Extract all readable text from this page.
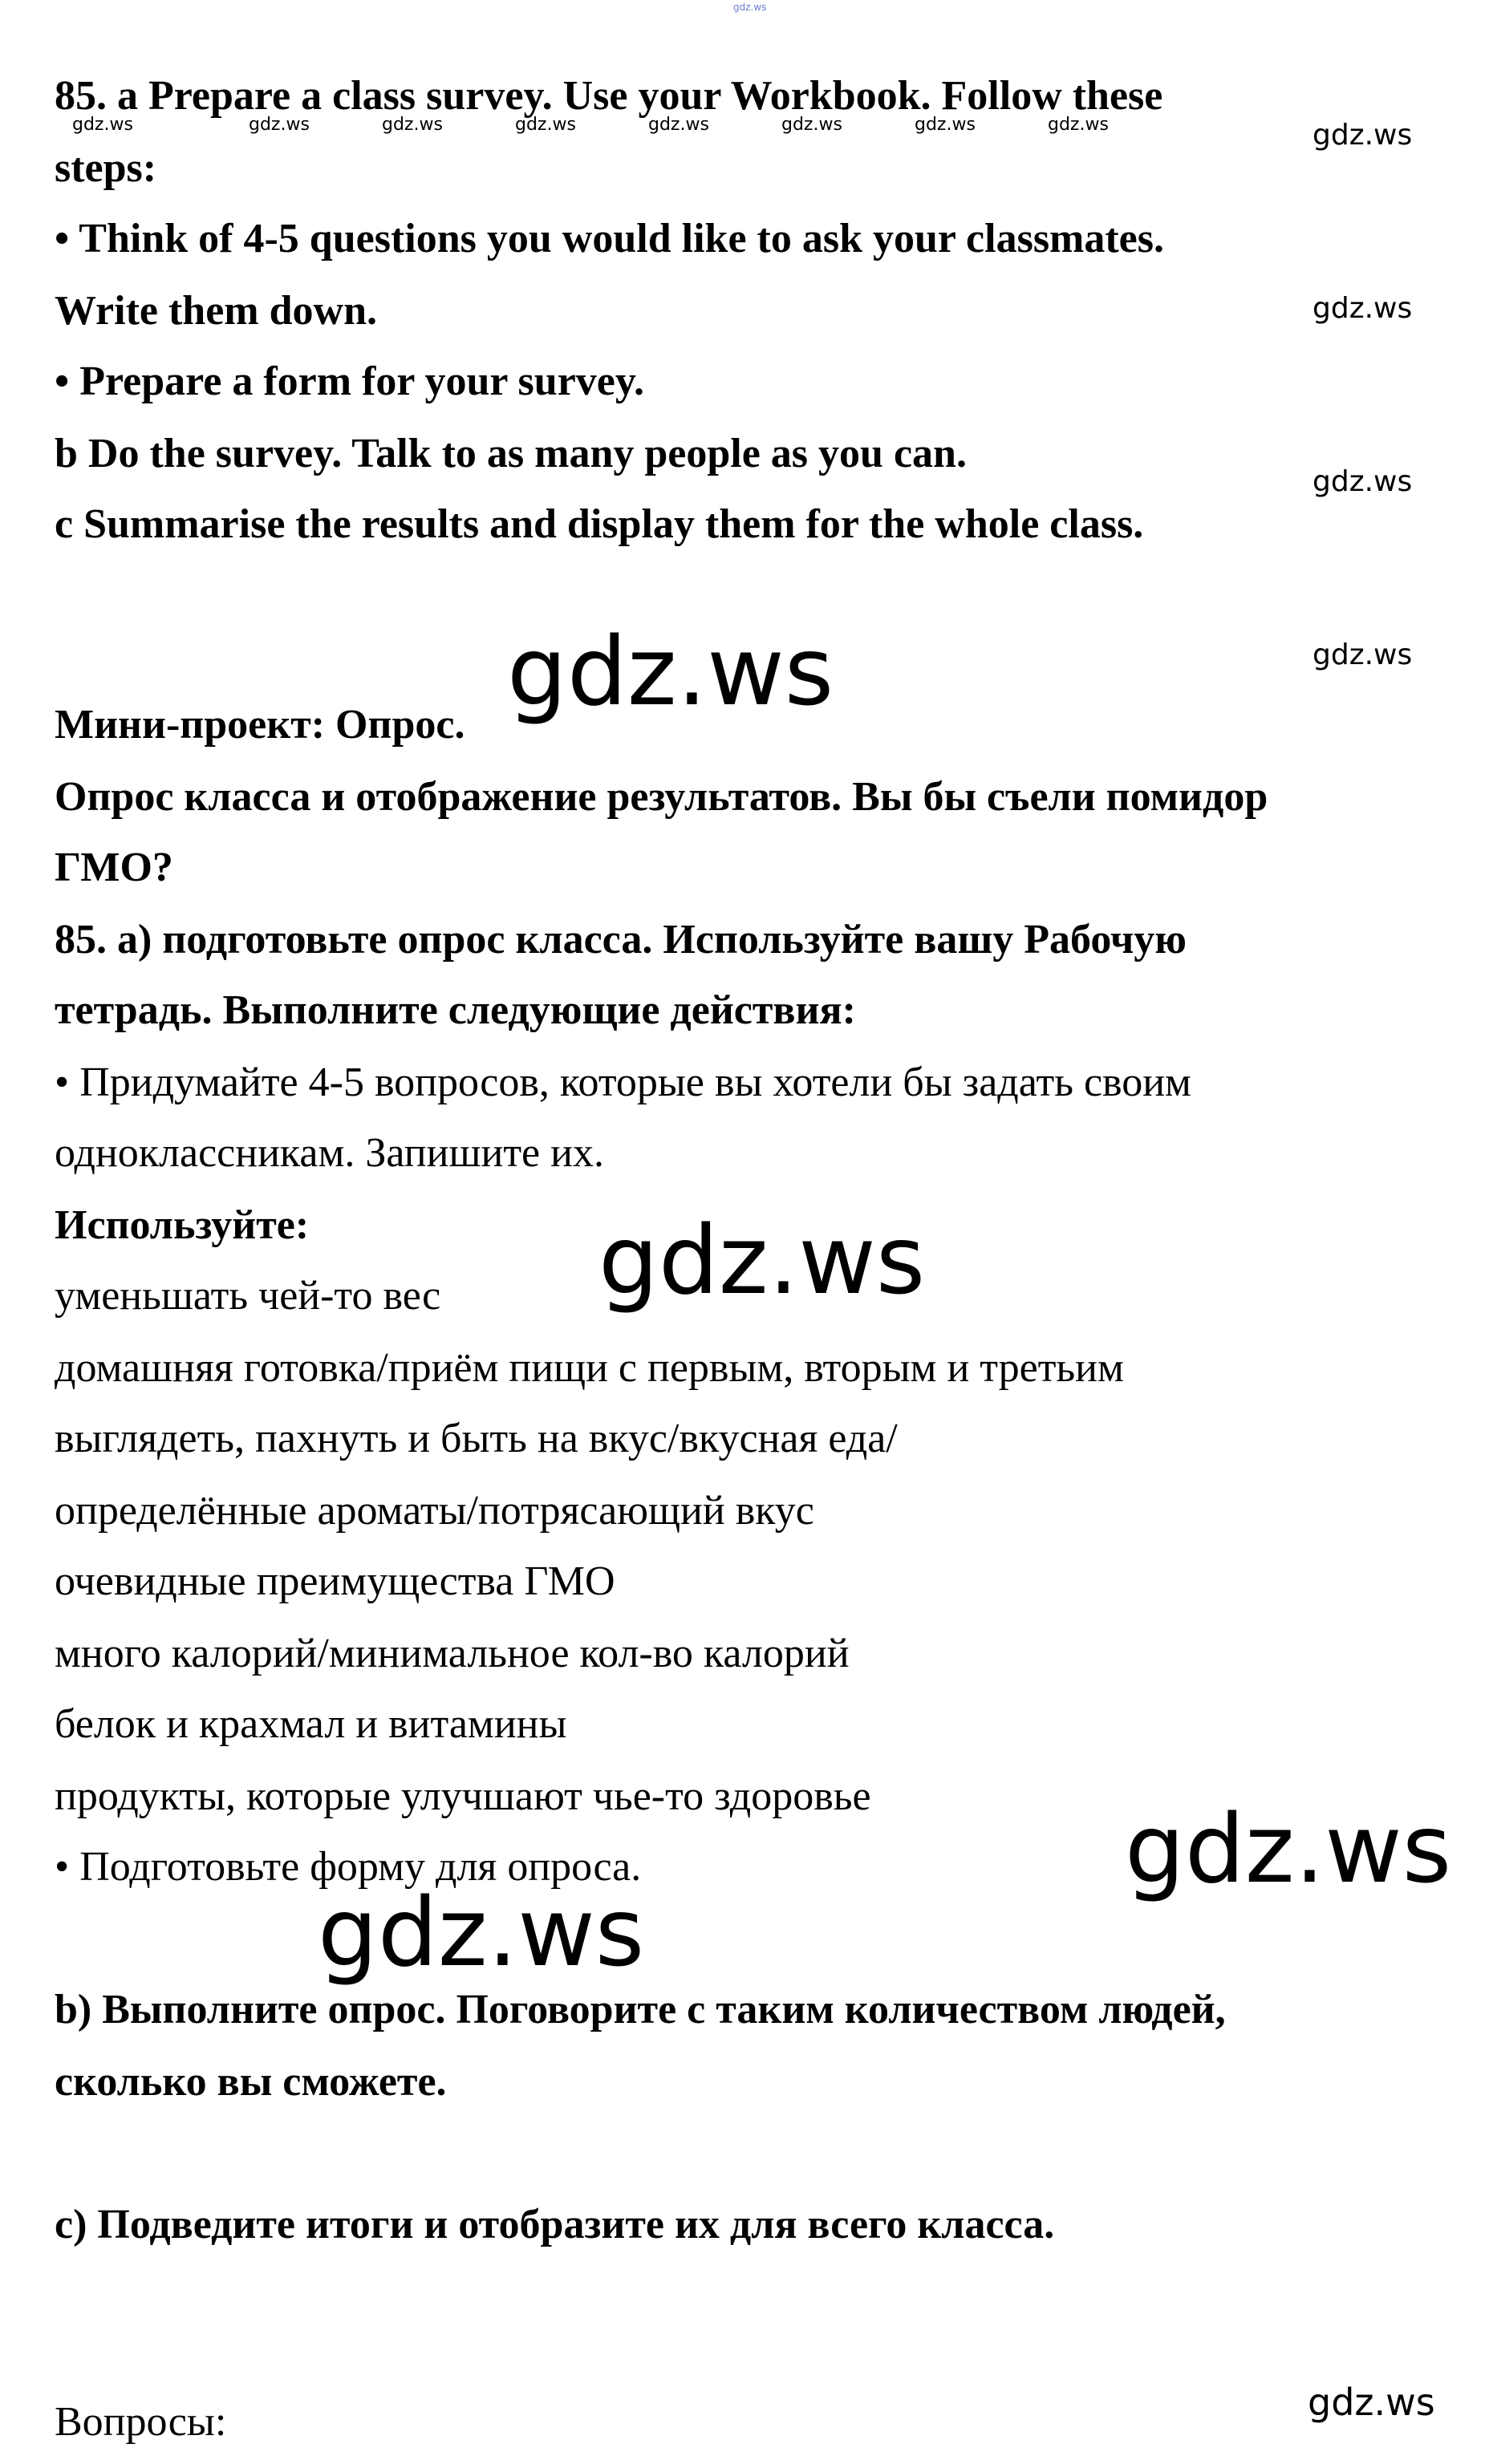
gdz.ws
85. a Prepare a class survey. Use your Workbook. Follow these
steps:
• Think of 4-5 questions you would like to ask your classmates.
Write them down.
• Prepare a form for your survey.
b Do the survey. Talk to as many people as you can.
c Summarise the results and display them for the whole class.
gdz.ws	gdz.ws	gdz.ws	gdz.ws	gdz.ws	gdz.ws	gdz.ws	gdz.ws	gdz.ws
gdz.ws
gdz.ws
gdz.ws
gdz.ws
Мини-проект: Опрос.
Опрос класса и отображение результатов. Вы бы съели помидор
ГМО?
85. а) подготовьте опрос класса. Используйте вашу Рабочую
тетрадь. Выполните следующие действия:
• Придумайте 4-5 вопросов, которые вы хотели бы задать своим
одноклассникам. Запишите их.
Используйте:	gdz.ws
уменьшать чей-то вес
домашняя готовка/приём пищи с первым, вторым и третьим
выглядеть, пахнуть и быть на вкус/вкусная еда/
определённые ароматы/потрясающий вкус
очевидные преимущества ГМО
много калорий/минимальное кол-во калорий
белок и крахмал и витамины
продукты, которые улучшают чье-то здоровье
• Подготовьте форму для опроса.	gdz.ws
gdz.ws
b) Выполните опрос. Поговорите с таким количеством людей,
сколько вы сможете.
с) Подведите итоги и отобразите их для всего класса.
Вопросы:	gdz.ws
